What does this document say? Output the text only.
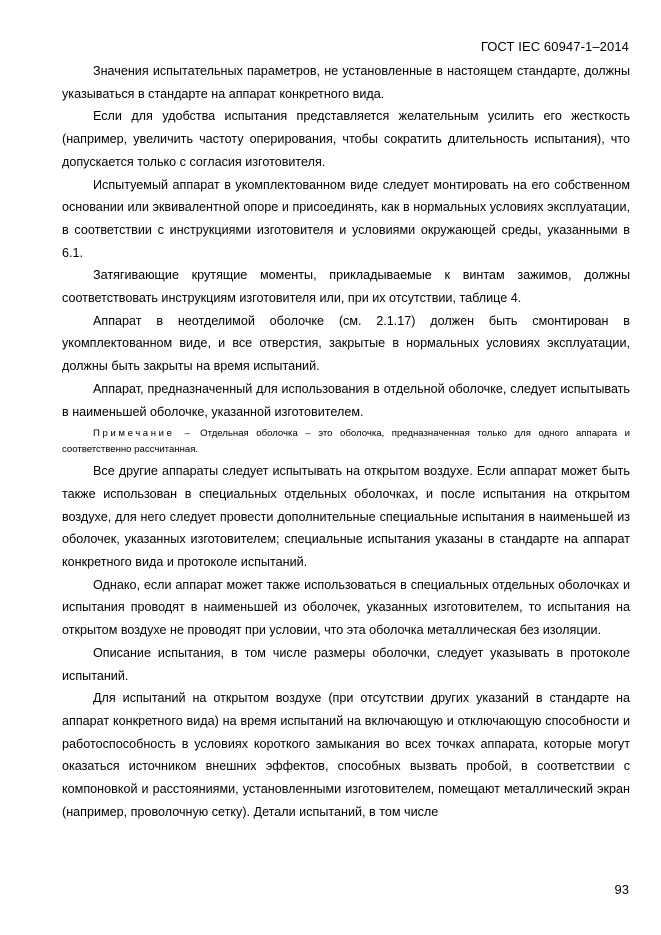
ГОСТ IEC 60947-1–2014

Значения испытательных параметров, не установленные в настоящем стандарте, должны указываться в стандарте на аппарат конкретного вида.

Если для удобства испытания представляется желательным усилить его жесткость (например, увеличить частоту оперирования, чтобы сократить длительность испытания), что допускается только с согласия изготовителя.

Испытуемый аппарат в укомплектованном виде следует монтировать на его собственном основании или эквивалентной опоре и присоединять, как в нормальных условиях эксплуатации, в соответствии с инструкциями изготовителя и условиями окружающей среды, указанными в 6.1.

Затягивающие крутящие моменты, прикладываемые к винтам зажимов, должны соответствовать инструкциям изготовителя или, при их отсутствии, таблице 4.

Аппарат в неотделимой оболочке (см. 2.1.17) должен быть смонтирован в укомплектованном виде, и все отверстия, закрытые в нормальных условиях эксплуатации, должны быть закрыты на время испытаний.

Аппарат, предназначенный для использования в отдельной оболочке, следует испытывать в наименьшей оболочке, указанной изготовителем.

Примечание – Отдельная оболочка – это оболочка, предназначенная только для одного аппарата и соответственно рассчитанная.

Все другие аппараты следует испытывать на открытом воздухе. Если аппарат может быть также использован в специальных отдельных оболочках, и после испытания на открытом воздухе, для него следует провести дополнительные специальные испытания в наименьшей из оболочек, указанных изготовителем; специальные испытания указаны в стандарте на аппарат конкретного вида и протоколе испытаний.

Однако, если аппарат может также использоваться в специальных отдельных оболочках и испытания проводят в наименьшей из оболочек, указанных изготовителем, то испытания на открытом воздухе не проводят при условии, что эта оболочка металлическая без изоляции.

Описание испытания, в том числе размеры оболочки, следует указывать в протоколе испытаний.

Для испытаний на открытом воздухе (при отсутствии других указаний в стандарте на аппарат конкретного вида) на время испытаний на включающую и отключающую способности и работоспособность в условиях короткого замыкания во всех точках аппарата, которые могут оказаться источником внешних эффектов, способных вызвать пробой, в соответствии с компоновкой и расстояниями, установленными изготовителем, помещают металлический экран (например, проволочную сетку). Детали испытаний, в том числе

93
